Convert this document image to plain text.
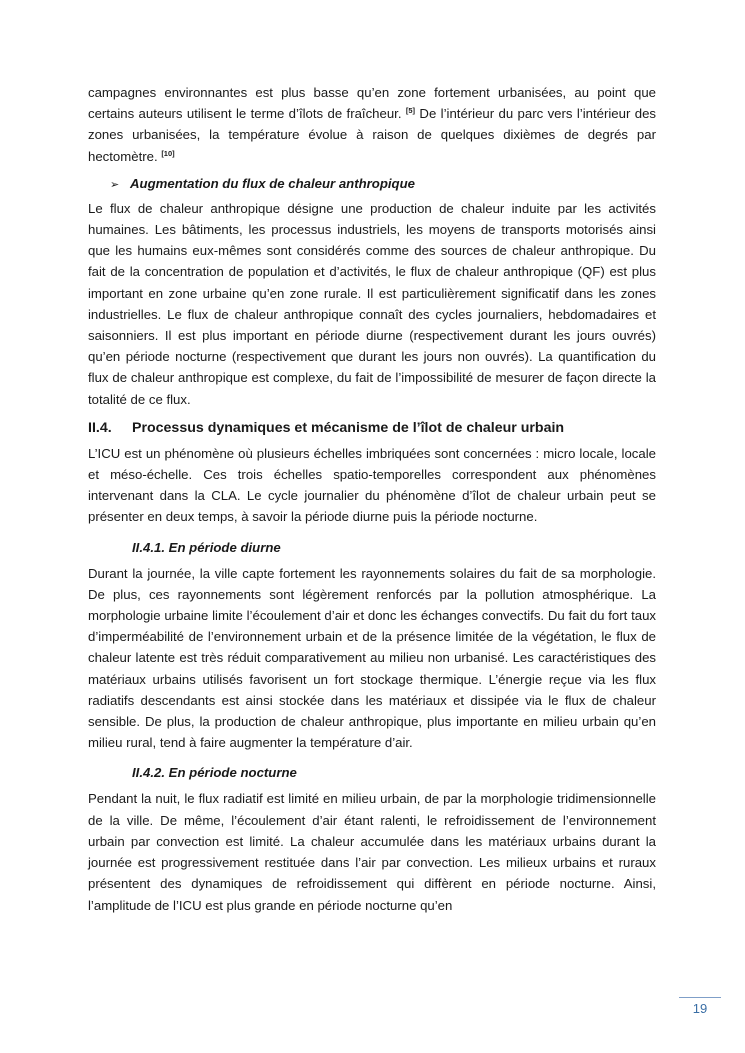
campagnes environnantes est plus basse qu’en zone fortement urbanisées, au point que certains auteurs utilisent le terme d’îlots de fraîcheur. [5] De l’intérieur du parc vers l’intérieur des zones urbanisées, la température évolue à raison de quelques dixièmes de degrés par hectomètre. [10]

➢ Augmentation du flux de chaleur anthropique

Le flux de chaleur anthropique désigne une production de chaleur induite par les activités humaines. Les bâtiments, les processus industriels, les moyens de transports motorisés ainsi que les humains eux-mêmes sont considérés comme des sources de chaleur anthropique. Du fait de la concentration de population et d’activités, le flux de chaleur anthropique (QF) est plus important en zone urbaine qu’en zone rurale. Il est particulièrement significatif dans les zones industrielles. Le flux de chaleur anthropique connaît des cycles journaliers, hebdomadaires et saisonniers. Il est plus important en période diurne (respectivement durant les jours ouvrés) qu’en période nocturne (respectivement que durant les jours non ouvrés). La quantification du flux de chaleur anthropique est complexe, du fait de l’impossibilité de mesurer de façon directe la totalité de ce flux.

II.4. Processus dynamiques et mécanisme de l’îlot de chaleur urbain

L’ICU est un phénomène où plusieurs échelles imbriquées sont concernées : micro locale, locale et méso-échelle. Ces trois échelles spatio-temporelles correspondent aux phénomènes intervenant dans la CLA. Le cycle journalier du phénomène d’îlot de chaleur urbain peut se présenter en deux temps, à savoir la période diurne puis la période nocturne.

II.4.1. En période diurne

Durant la journée, la ville capte fortement les rayonnements solaires du fait de sa morphologie. De plus, ces rayonnements sont légèrement renforcés par la pollution atmosphérique. La morphologie urbaine limite l’écoulement d’air et donc les échanges convectifs. Du fait du fort taux d’imperméabilité de l’environnement urbain et de la présence limitée de la végétation, le flux de chaleur latente est très réduit comparativement au milieu non urbanisé. Les caractéristiques des matériaux urbains utilisés favorisent un fort stockage thermique. L’énergie reçue via les flux radiatifs descendants est ainsi stockée dans les matériaux et dissipée via le flux de chaleur sensible. De plus, la production de chaleur anthropique, plus importante en milieu urbain qu’en milieu rural, tend à faire augmenter la température d’air.

II.4.2. En période nocturne

Pendant la nuit, le flux radiatif est limité en milieu urbain, de par la morphologie tridimensionnelle de la ville. De même, l’écoulement d’air étant ralenti, le refroidissement de l’environnement urbain par convection est limité. La chaleur accumulée dans les matériaux urbains durant la journée est progressivement restituée dans l’air par convection. Les milieux urbains et ruraux présentent des dynamiques de refroidissement qui diffèrent en période nocturne. Ainsi, l’amplitude de l’ICU est plus grande en période nocturne qu’en

19
